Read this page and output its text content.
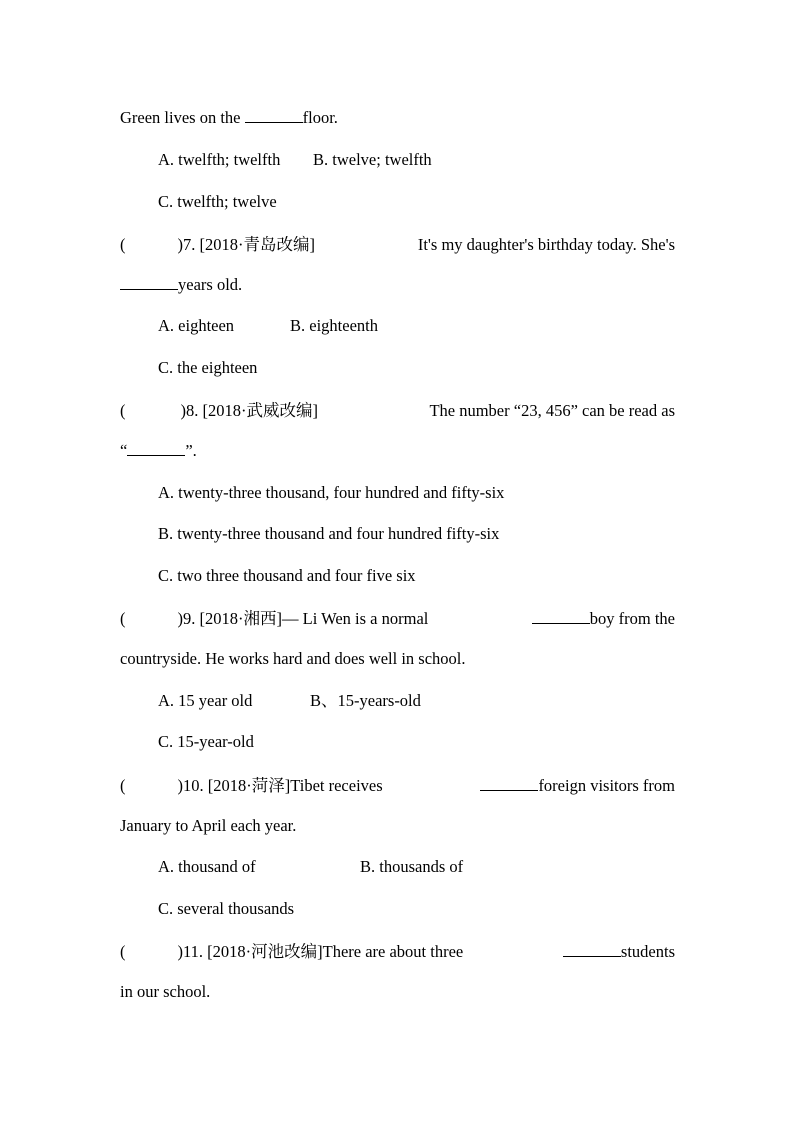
Green lives on the	floor.
A. twelfth; twelfth B. twelve; twelfth
C. twelfth; twelve
(	)7. [2018·青岛改编]	It's my daughter's birthday today. She's
years old.
A. eighteen	B. eighteenth
C. the eighteen
(	)8. [2018·武威改编]	The number “23, 456” can be read as
“	”.
A. twenty-three thousand, four hundred and fifty-six
B. twenty-three thousand and four hundred fifty-six
C. two three thousand and four five six
(	)9. [2018·湘西]— Li Wen is a normal	boy from the
countryside. He works hard and does well in school.
A. 15 year old	B、15-years-old
C. 15-year-old
(	)10. [2018·菏泽]Tibet receives	foreign visitors from
January to April each year.
A. thousand of	B. thousands of
C. several thousands
(	)11. [2018·河池改编]There are about three	students
in our school.
